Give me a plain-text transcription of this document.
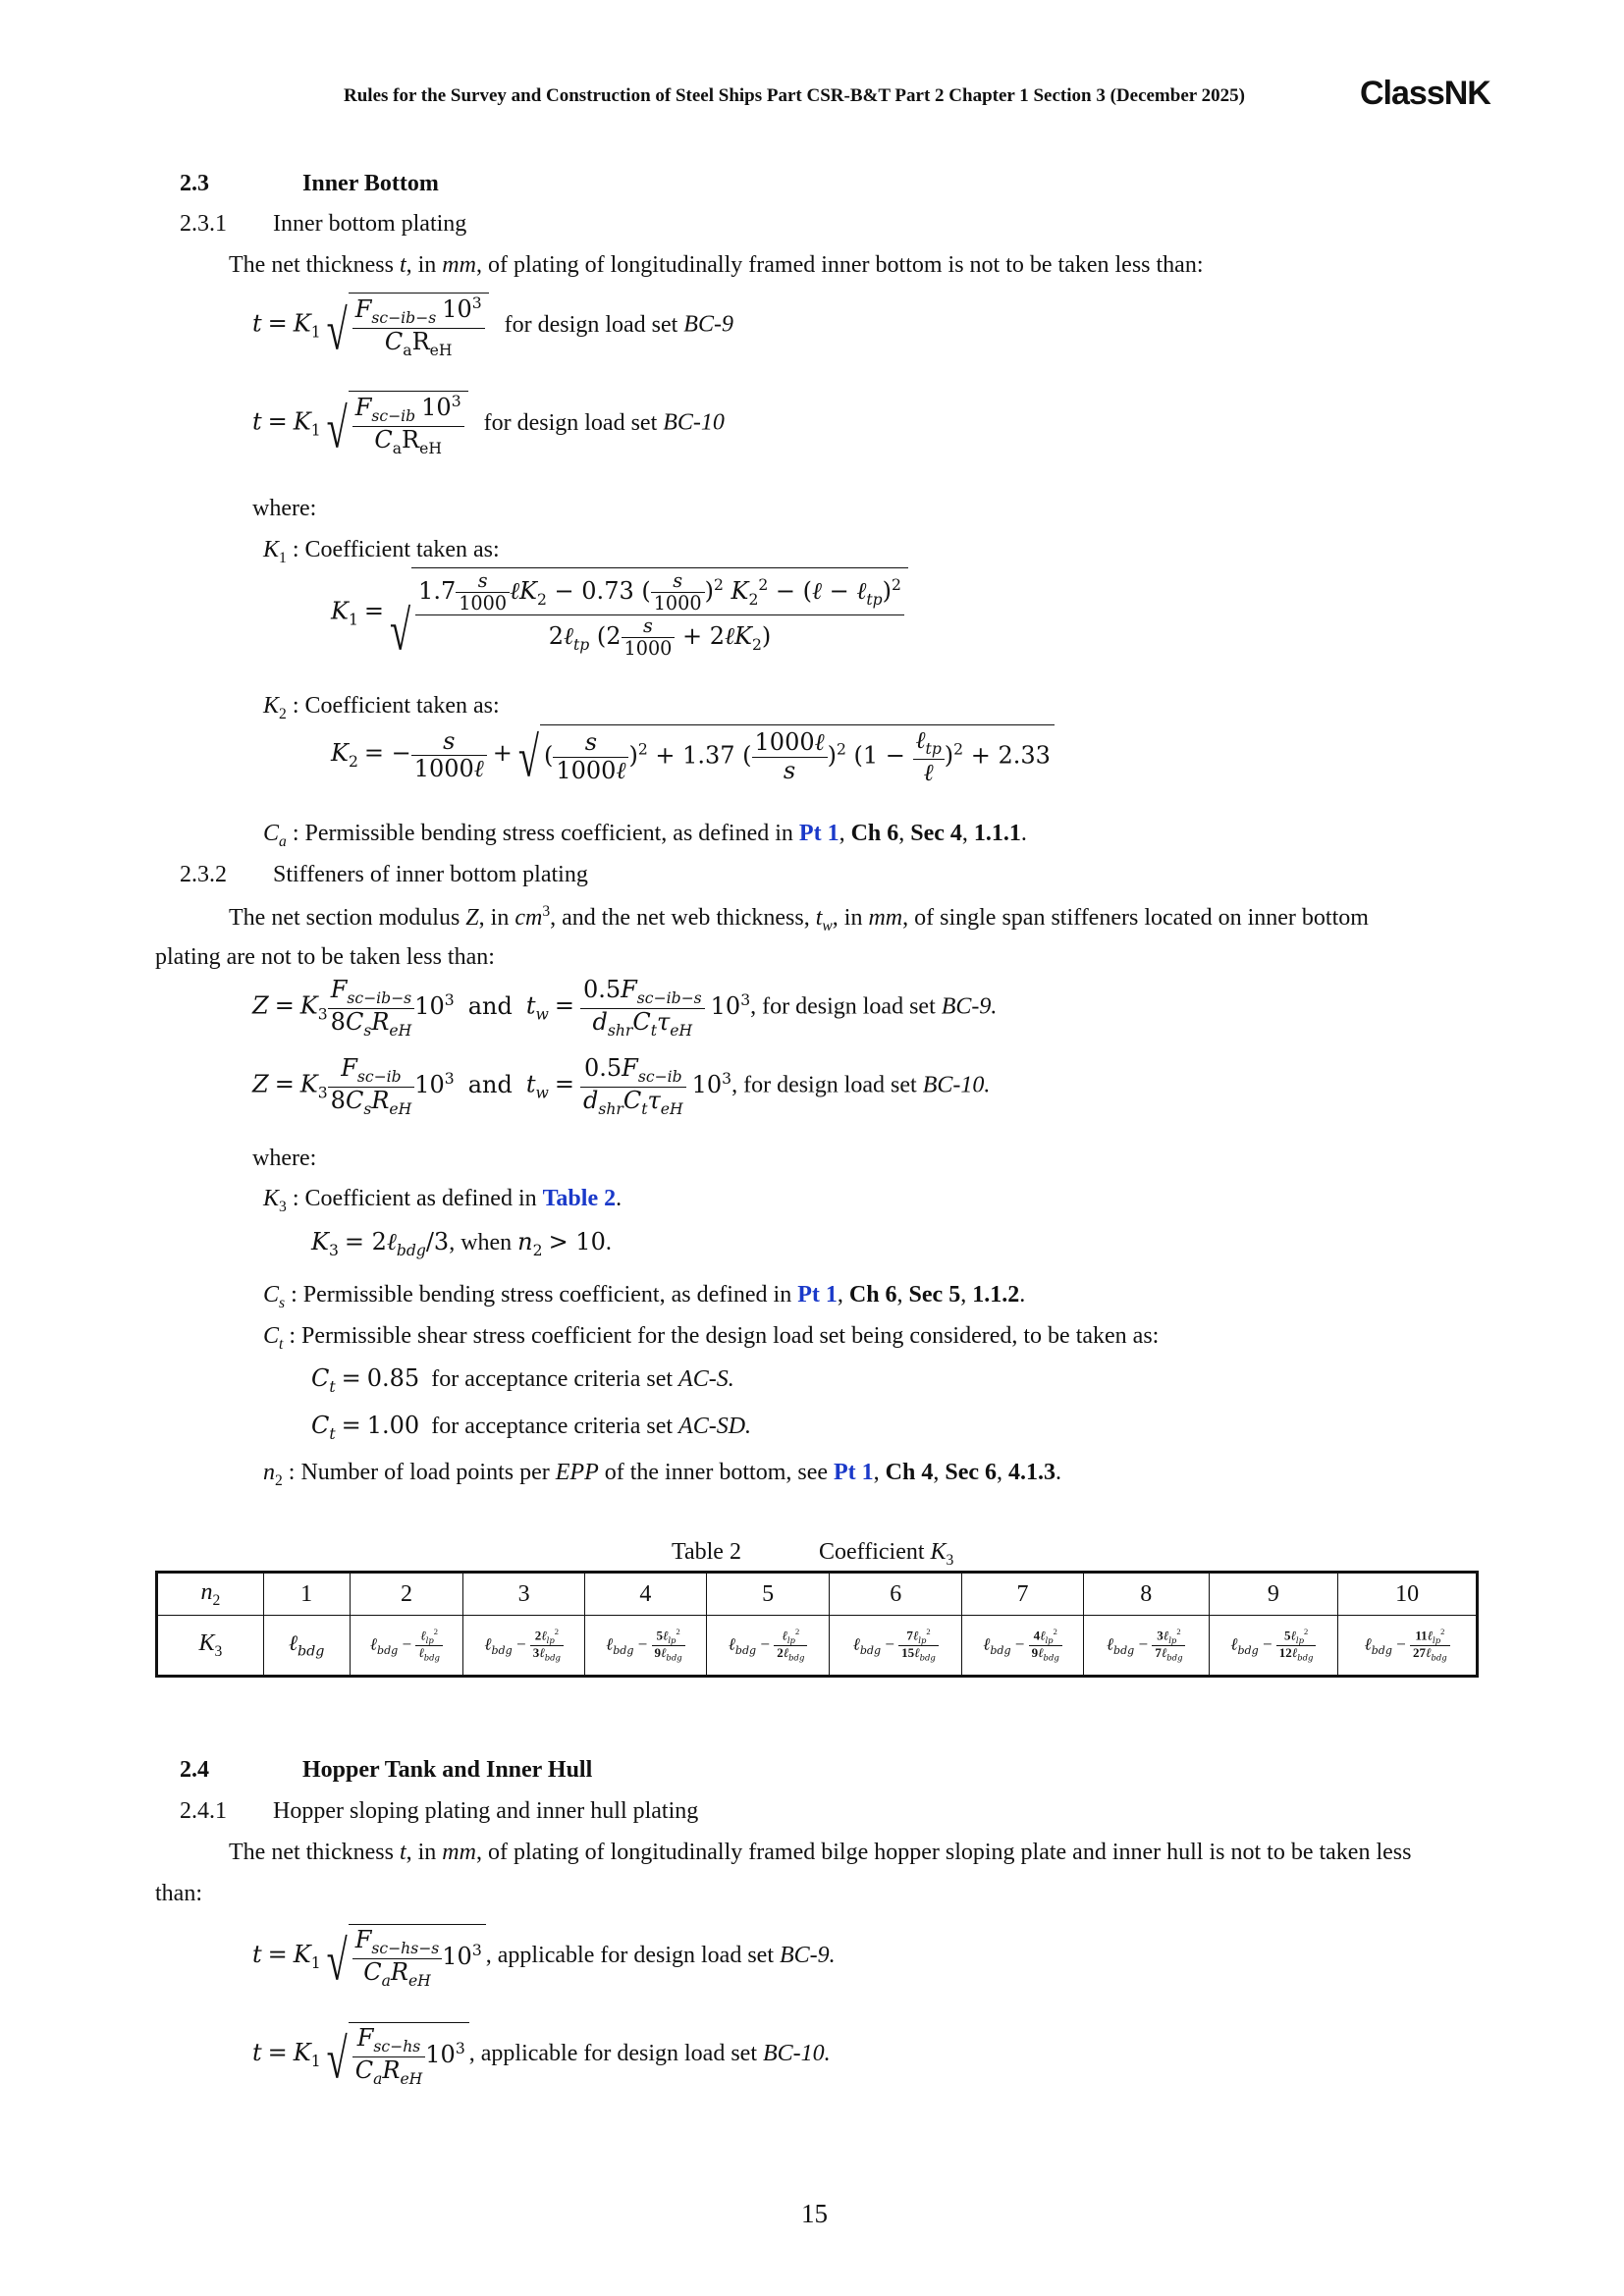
Rules for the Survey and Construction of Steel Ships Part CSR-B&T Part 2 Chapter 1 Section 3 (December 2025)	ClassNK
2.3	Inner Bottom
2.3.1 Inner bottom plating
The net thickness t, in mm, of plating of longitudinally framed inner bottom is not to be taken less than:
$t = K_1$ √ $\frac{F_{sc-ib-s} 10^3}{C_aR_{eH}}$ for design load set BC-9
$t = K_1$ √ $\frac{F_{sc-ib} 10^3}{C_aR_{eH}}$ for design load set BC-10
where:
$K_1$ : Coefficient taken as:
$K_1$ = √ $\frac{1.7 \frac{s}{1000} \ell K_2 - 0.73 ( \frac{s}{1000} )^2 K_2^2 - (\ell - \ell_{tp})^2}{2\ell_{tp} (2 \frac{s}{1000} + 2\ell K_2)}$
$K_2$ : Coefficient taken as:
$K_2$ = − $\frac{s}{\text{1000ℓ}}$ + √ ( $\frac{s}{\text{1000ℓ}} )^2 + 1.37$ ( $\frac{\text{1000ℓ}}{s} )^2$ $(1 - \frac{\ell_{tp}}{\text{ℓ}} )^2 + 2.33$
$C_a$ : Permissible bending stress coefficient, as defined in Pt 1, Ch 6, Sec 4, 1.1.1.
2.3.2 Stiffeners of inner bottom plating
The net section modulus Z, in $cm^3$, and the net web thickness, $t_w$, in mm, of single span stiffeners located on inner bottom
plating are not to be taken less than:
$Z = K_3 \frac{F_{sc-ib-s}}{8C_sR_{eH}} 10^3$ and $t_w = \frac{0.5F_{sc-ib-s}}{d_{shr}C_t\tau_{eH}} 10^3$, for design load set BC-9.
$Z = K_3 \frac{F_{sc-ib}}{8C_sR_{eH}} 10^3$ and $t_w = \frac{0.5F_{sc-ib}}{d_{shr}C_t\tau_{eH}} 10^3$, for design load set BC-10.
where:
$K_3$ : Coefficient as defined in Table 2.
$K_3$ = 2ℓ$_{bdg}$/3, when $n_2 > 10$.
$C_s$ : Permissible bending stress coefficient, as defined in Pt 1, Ch 6, Sec 5, 1.1.2.
$C_t$ : Permissible shear stress coefficient for the design load set being considered, to be taken as:
$C_t = 0.85$ for acceptance criteria set AC-S.
$C_t = 1.00$ for acceptance criteria set AC-SD.
$n_2$ : Number of load points per EPP of the inner bottom, see Pt 1, Ch 4, Sec 6, 4.1.3.
Table 2	Coefficient $K_3$
$n_2$	1	2	3	4	5	6	7	8	9	10
$K_3$	ℓ$_{bdg}$	ℓ$_{bdg}$ − $\frac{\ell_{lp}^2}{\ell_{bdg}}$	ℓ$_{bdg}$ − $\frac{2\ell_{lp}^2}{3\ell_{bdg}}$	ℓ$_{bdg}$ − $\frac{5\ell_{lp}^2}{9\ell_{bdg}}$	ℓ$_{bdg}$ − $\frac{\ell_{lp}^2}{2\ell_{bdg}}$	ℓ$_{bdg}$ − $\frac{7\ell_{lp}^2}{15\ell_{bdg}}$	ℓ$_{bdg}$ − $\frac{4\ell_{lp}^2}{9\ell_{bdg}}$	ℓ$_{bdg}$ − $\frac{3\ell_{lp}^2}{7\ell_{bdg}}$	ℓ$_{bdg}$ − $\frac{5\ell_{lp}^2}{12\ell_{bdg}}$	ℓ$_{bdg}$ − $\frac{11\ell_{lp}^2}{27\ell_{bdg}}$
2.4	Hopper Tank and Inner Hull
2.4.1 Hopper sloping plating and inner hull plating
The net thickness t, in mm, of plating of longitudinally framed bilge hopper sloping plate and inner hull is not to be taken less
than:
$t = K_1$ √ $\frac{F_{sc-hs-s}}{C_aR_{eH}} 10^3$ , applicable for design load set BC-9.
$t = K_1$ √ $\frac{F_{sc-hs}}{C_aR_{eH}} 10^3$ , applicable for design load set BC-10.
15
